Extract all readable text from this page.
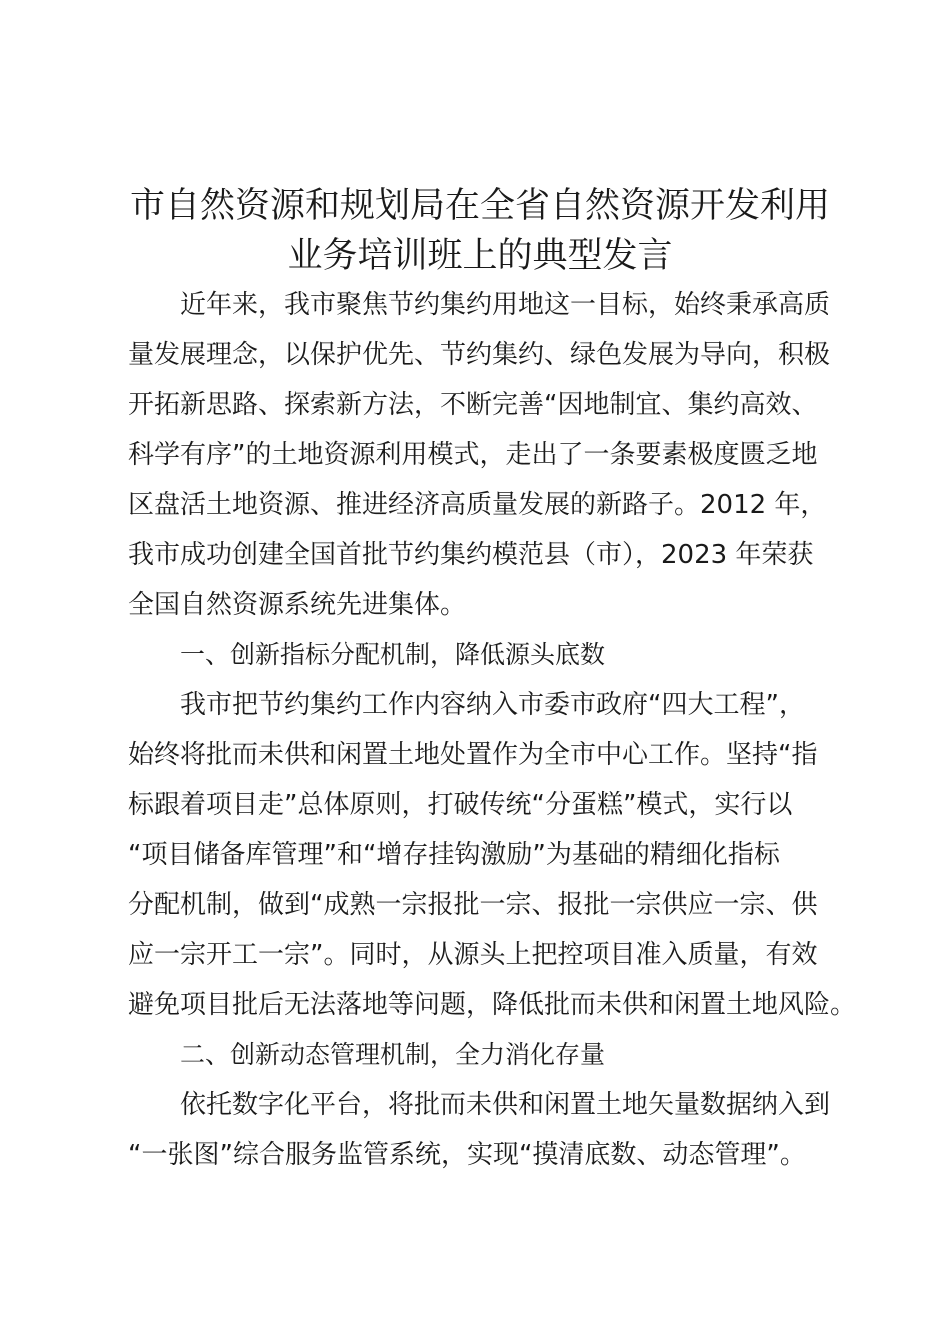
市自然资源和规划局在全省自然资源开发利用
业务培训班上的典型发言
近年来，我市聚焦节约集约用地这一目标，始终秉承高质
量发展理念，以保护优先、节约集约、绿色发展为导向，积极
开拓新思路、探索新方法，不断完善“因地制宜、集约高效、
科学有序”的土地资源利用模式，走出了一条要素极度匮乏地
区盘活土地资源、推进经济高质量发展的新路子。2012 年，
我市成功创建全国首批节约集约模范县（市），2023 年荣获
全国自然资源系统先进集体。
一、创新指标分配机制，降低源头底数
我市把节约集约工作内容纳入市委市政府“四大工程”，
始终将批而未供和闲置土地处置作为全市中心工作。坚持“指
标跟着项目走”总体原则，打破传统“分蛋糕”模式，实行以
“项目储备库管理”和“增存挂钩激励”为基础的精细化指标
分配机制，做到“成熟一宗报批一宗、报批一宗供应一宗、供
应一宗开工一宗”。同时，从源头上把控项目准入质量，有效
避免项目批后无法落地等问题，降低批而未供和闲置土地风险。
二、创新动态管理机制，全力消化存量
依托数字化平台，将批而未供和闲置土地矢量数据纳入到
“一张图”综合服务监管系统，实现“摸清底数、动态管理”。
